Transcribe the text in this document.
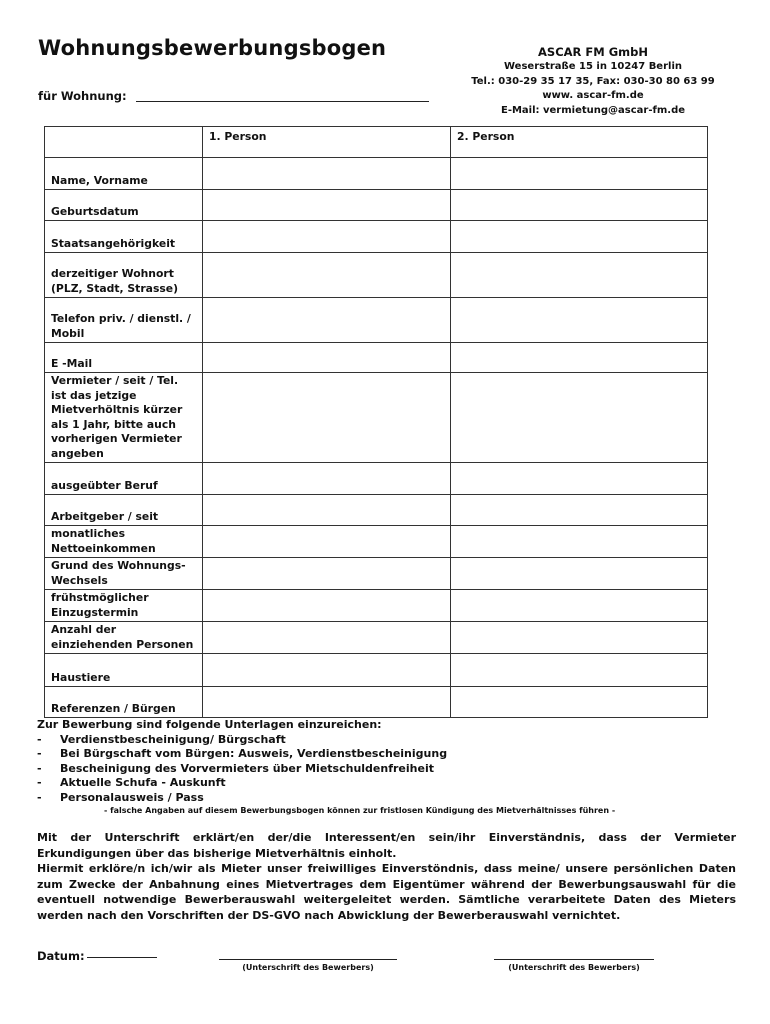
Wohnungsbewerbungsbogen
für Wohnung:
ASCAR FM GmbH
Weserstraße 15 in 10247 Berlin
Tel.: 030-29 35 17 35, Fax: 030-30 80 63 99
www. ascar-fm.de
E-Mail: vermietung@ascar-fm.de
	1. Person	2. Person
Name, Vorname		
Geburtsdatum		
Staatsangehörigkeit		
derzeitiger Wohnort (PLZ, Stadt, Strasse)		
Telefon priv. / dienstl. / Mobil		
E -Mail		
Vermieter / seit / Tel. ist das jetzige Mietverhöltnis kürzer als 1 Jahr, bitte auch vorherigen Vermieter angeben		
ausgeübter Beruf		
Arbeitgeber / seit		
monatliches Nettoeinkommen		
Grund des Wohnungs-Wechsels		
frühstmöglicher Einzugstermin		
Anzahl der einziehenden Personen		
Haustiere		
Referenzen / Bürgen		
Zur Bewerbung sind folgende Unterlagen einzureichen:
-	Verdienstbescheinigung/ Bürgschaft
-	Bei Bürgschaft vom Bürgen: Ausweis, Verdienstbescheinigung
-	Bescheinigung des Vorvermieters über Mietschuldenfreiheit
-	Aktuelle Schufa - Auskunft
-	Personalausweis / Pass
- falsche Angaben auf diesem Bewerbungsbogen können zur fristlosen Kündigung des Mietverhältnisses führen -

Mit der Unterschrift erklärt/en der/die Interessent/en sein/ihr Einverständnis, dass der Vermieter Erkundigungen über das bisherige Mietverhältnis einholt.

Hiermit erklöre/n ich/wir als Mieter unser freiwilliges Einverstöndnis, dass meine/ unsere persönlichen Daten zum Zwecke der Anbahnung eines Mietvertrages dem Eigentümer während der Bewerbungsauswahl für die eventuell notwendige Bewerberauswahl weitergeleitet werden. Sämtliche verarbeitete Daten des Mieters werden nach den Vorschriften der DS-GVO nach Abwicklung der Bewerberauswahl vernichtet.

Datum:
(Unterschrift des Bewerbers)	(Unterschrift des Bewerbers)
